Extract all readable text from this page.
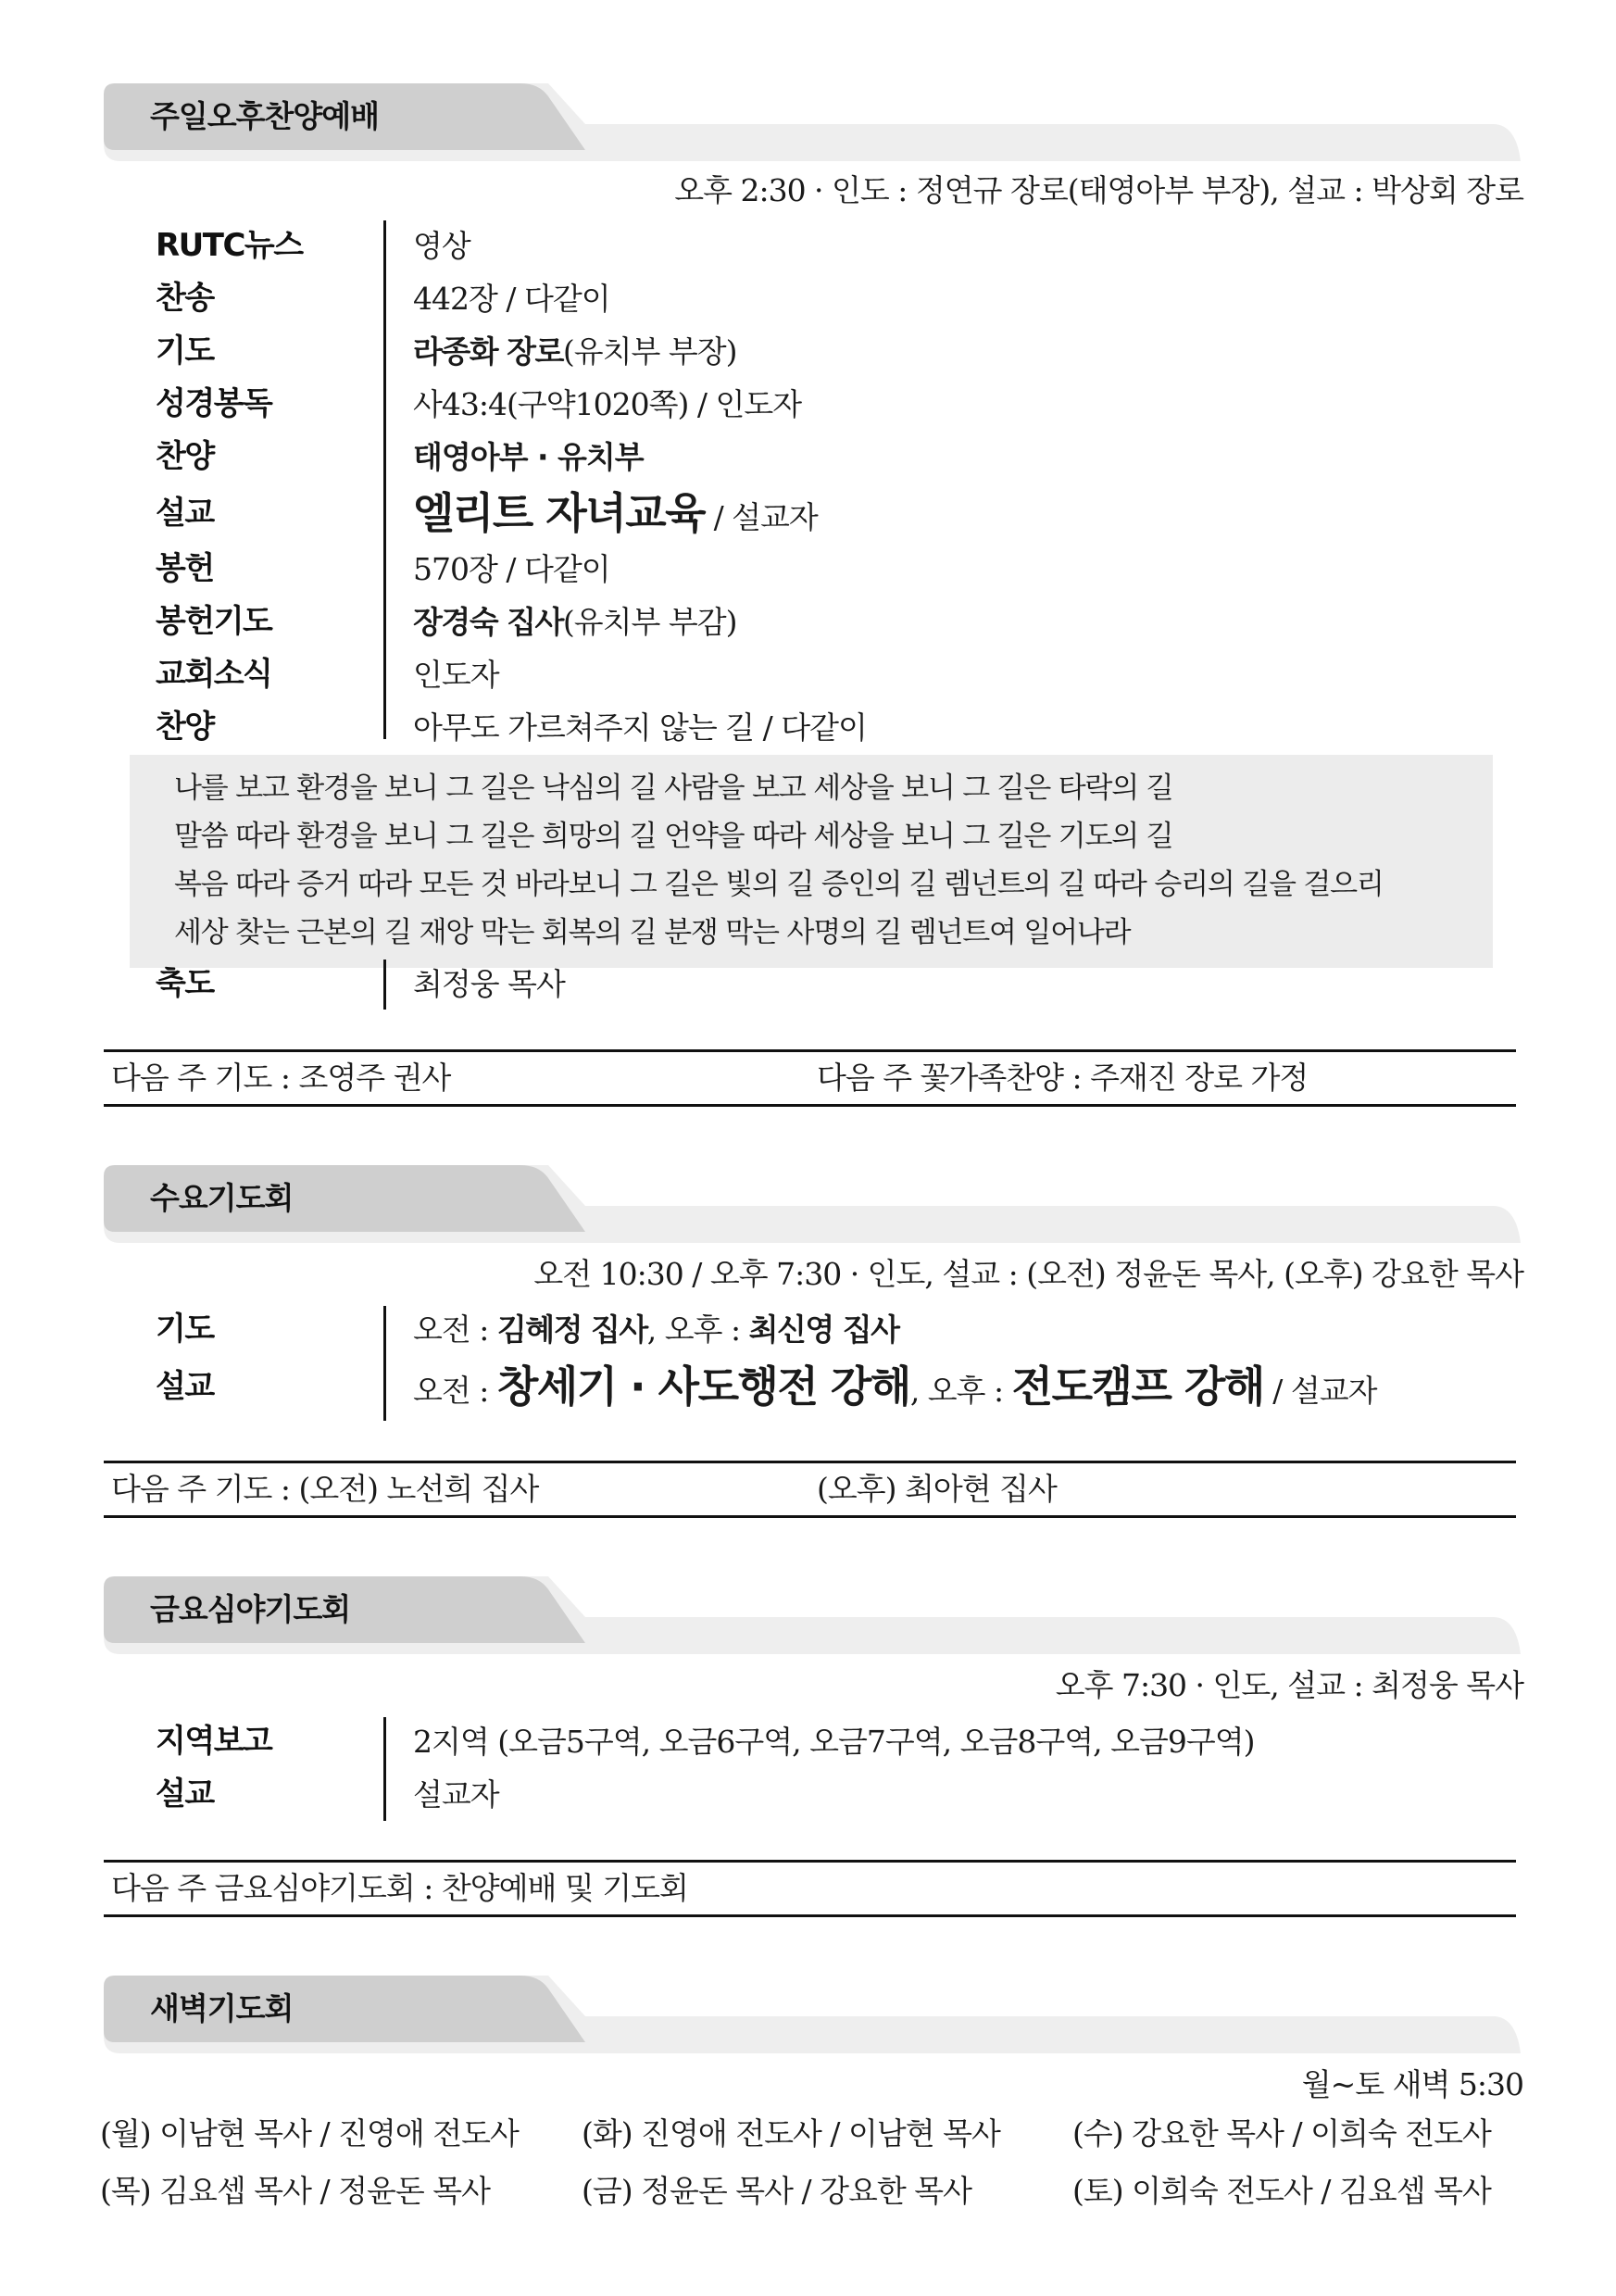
주일오후찬양예배
오후 2:30 · 인도 : 정연규 장로(태영아부 부장), 설교 : 박상회 장로
RUTC뉴스	영상
찬송	442장 / 다같이
기도	라종화 장로(유치부 부장)
성경봉독	사43:4(구약1020쪽) / 인도자
찬양	태영아부 · 유치부
설교	엘리트 자녀교육 / 설교자
봉헌	570장 / 다같이
봉헌기도	장경숙 집사(유치부 부감)
교회소식	인도자
찬양	아무도 가르쳐주지 않는 길 / 다같이
나를 보고 환경을 보니 그 길은 낙심의 길 사람을 보고 세상을 보니 그 길은 타락의 길
말씀 따라 환경을 보니 그 길은 희망의 길 언약을 따라 세상을 보니 그 길은 기도의 길
복음 따라 증거 따라 모든 것 바라보니 그 길은 빛의 길 증인의 길 렘넌트의 길 따라 승리의 길을 걸으리
세상 찾는 근본의 길 재앙 막는 회복의 길 분쟁 막는 사명의 길 렘넌트여 일어나라
축도	최정웅 목사
다음 주 기도 : 조영주 권사	다음 주 꽃가족찬양 : 주재진 장로 가정
수요기도회
오전 10:30 / 오후 7:30 · 인도, 설교 : (오전) 정윤돈 목사, (오후) 강요한 목사
기도	오전 : 김혜정 집사, 오후 : 최신영 집사
설교	오전 : 창세기 · 사도행전 강해, 오후 : 전도캠프 강해 / 설교자
다음 주 기도 : (오전) 노선희 집사	(오후) 최아현 집사
금요심야기도회
오후 7:30 · 인도, 설교 : 최정웅 목사
지역보고	2지역 (오금5구역, 오금6구역, 오금7구역, 오금8구역, 오금9구역)
설교	설교자
다음 주 금요심야기도회 : 찬양예배 및 기도회
새벽기도회
월~토 새벽 5:30
(월) 이남현 목사 / 진영애 전도사 (화) 진영애 전도사 / 이남현 목사 (수) 강요한 목사 / 이희숙 전도사
(목) 김요셉 목사 / 정윤돈 목사	(금) 정윤돈 목사 / 강요한 목사	(토) 이희숙 전도사 / 김요셉 목사
